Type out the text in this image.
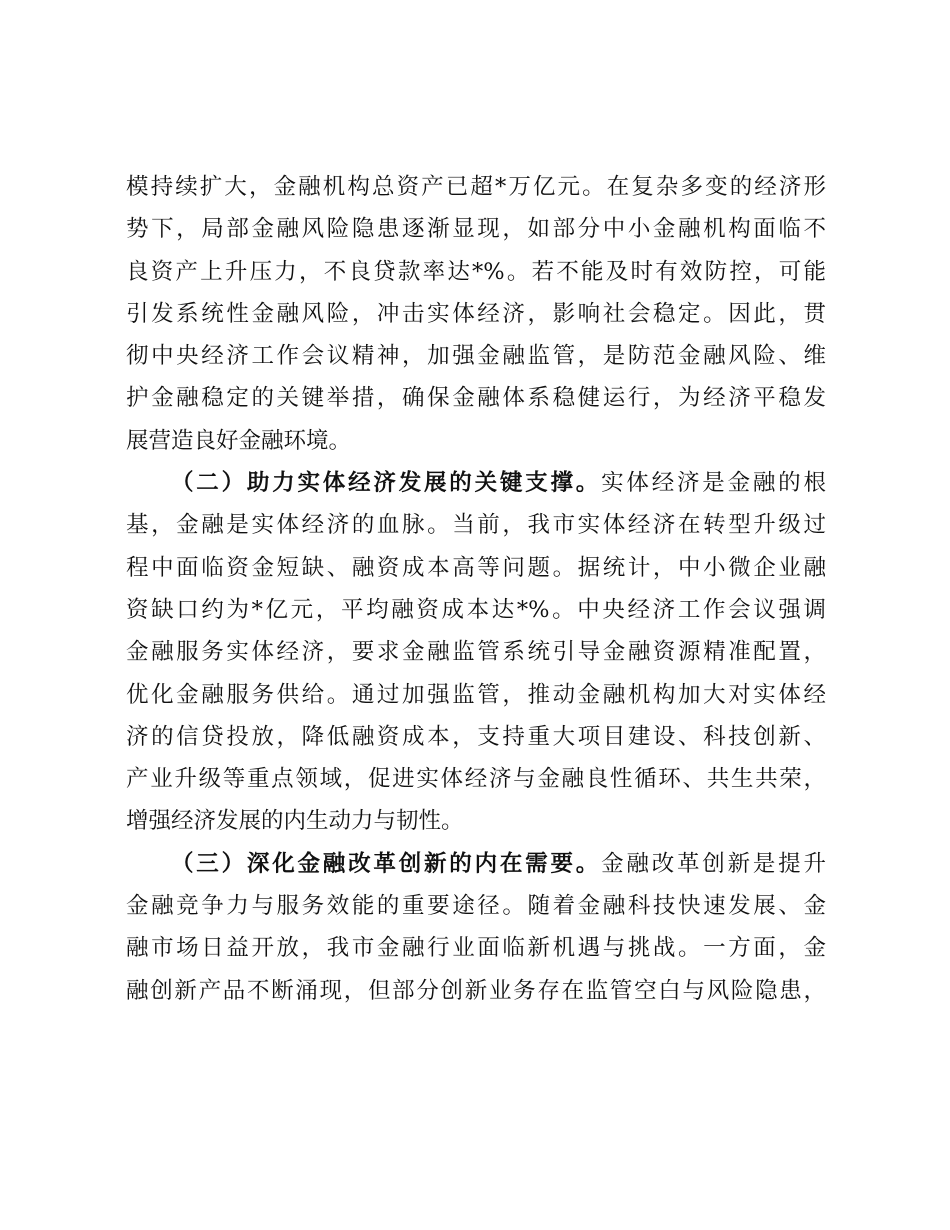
模持续扩大，金融机构总资产已超*万亿元。在复杂多变的经济形
势下，局部金融风险隐患逐渐显现，如部分中小金融机构面临不
良资产上升压力，不良贷款率达*%。若不能及时有效防控，可能
引发系统性金融风险，冲击实体经济，影响社会稳定。因此，贯
彻中央经济工作会议精神，加强金融监管，是防范金融风险、维
护金融稳定的关键举措，确保金融体系稳健运行，为经济平稳发
展营造良好金融环境。
（二）助力实体经济发展的关键支撑。实体经济是金融的根
基，金融是实体经济的血脉。当前，我市实体经济在转型升级过
程中面临资金短缺、融资成本高等问题。据统计，中小微企业融
资缺口约为*亿元，平均融资成本达*%。中央经济工作会议强调
金融服务实体经济，要求金融监管系统引导金融资源精准配置，
优化金融服务供给。通过加强监管，推动金融机构加大对实体经
济的信贷投放，降低融资成本，支持重大项目建设、科技创新、
产业升级等重点领域，促进实体经济与金融良性循环、共生共荣，
增强经济发展的内生动力与韧性。
（三）深化金融改革创新的内在需要。金融改革创新是提升
金融竞争力与服务效能的重要途径。随着金融科技快速发展、金
融市场日益开放，我市金融行业面临新机遇与挑战。一方面，金
融创新产品不断涌现，但部分创新业务存在监管空白与风险隐患，
